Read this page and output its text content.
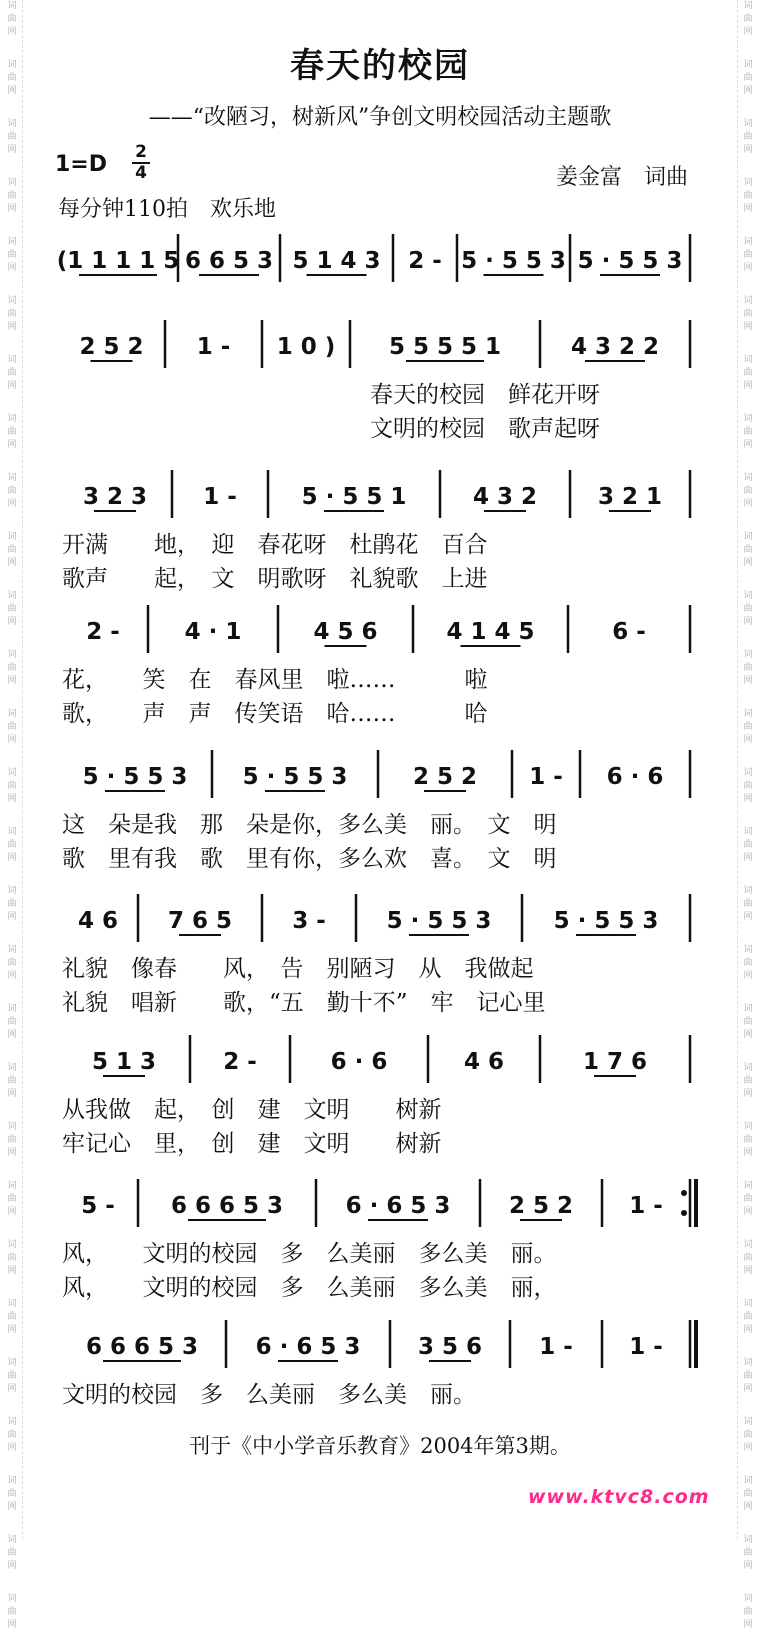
词
曲
网
词
曲
网
词
曲
网
词
曲
网
词
曲
网
词
曲
网
词
曲
网
词
曲
网
词
曲
网
词
曲
网
词
曲
网
词
曲
网
词
曲
网
词
曲
网
词
曲
网
词
曲
网
词
曲
网
词
曲
网
词
曲
网
词
曲
网
词
曲
网
词
曲
网
词
曲
网
词
曲
网
词
曲
网
词
曲
网
词
曲
网
词
曲
网
词
曲
网
词
曲
网
词
曲
网
词
曲
网
词
曲
网
词
曲
网
词
曲
网
词
曲
网
词
曲
网
词
曲
网
词
曲
网
词
曲
网
词
曲
网
词
曲
网
词
曲
网
词
曲
网
词
曲
网
词
曲
网
词
曲
网
词
曲
网
词
曲
网
词
曲
网
词
曲
网
词
曲
网
词
曲
网
词
曲
网
词
曲
网
词
曲
网
春天的校园
——“改陋习，树新风”争创文明校园活动主题歌
1=D 2
4	姜金富　词曲
每分钟110拍　欢乐地
(1 1 1 1 5 6 6 5 3 5 1 4 3 2 - 5 · 5 5 3 5 · 5 5 3
2 5 2 1 - 1 0 ) 5 5 5 5 1	4 3 2 2
春天的校园　鲜花开呀
文明的校园　歌声起呀
3 2 3 1 -	5 · 5 5 1	4 3 2	3 2 1
开满　　地，　迎　春花呀　杜鹃花　百合
歌声　　起，　文　明歌呀　礼貌歌　上进
2 -	4 · 1	4 5 6	4 1 4 5	6 -
花，　　笑　在　春风里　啦……　　　啦
歌，　　声　声　传笑语　哈……　　　哈
5 · 5 5 3 5 · 5 5 3	2 5 2 1 - 6 · 6
这　朵是我　那　朵是你，多么美　丽。　文　明
歌　里有我　歌　里有你，多么欢　喜。　文　明
4 6 7 6 5	3 -	5 · 5 5 3	5 · 5 5 3
礼貌　像春　　风，　告　别陋习　从　我做起
礼貌　唱新　　歌，“五　勤十不”　牢　记心里
5 1 3	2 -	6 · 6	4 6	1 7 6
从我做　起，　创　建　文明　　树新
牢记心　里，　创　建　文明　　树新
5 - 6 6 6 5 3	6 · 6 5 3	2 5 2 1 -
风，　　文明的校园　多　么美丽　多么美　丽。
风，　　文明的校园　多　么美丽　多么美　丽，
6 6 6 5 3	6 · 6 5 3	3 5 6 1 - 1 -
文明的校园　多　么美丽　多么美　丽。
刊于《中小学音乐教育》2004年第3期。
www.ktvc8.com
